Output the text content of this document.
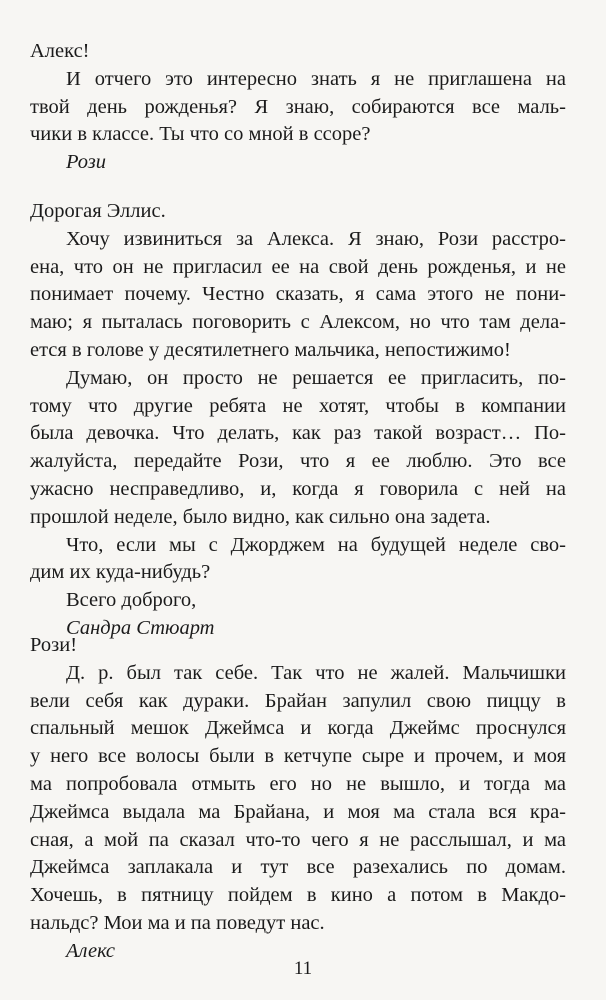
Алекс!
И отчего это интересно знать я не приглашена на
твой день рожденья? Я знаю, собираются все маль-
чики в классе. Ты что со мной в ссоре?
Рози
Дорогая Эллис.
Хочу извиниться за Алекса. Я знаю, Рози расстро-
ена, что он не пригласил ее на свой день рожденья, и не
понимает почему. Честно сказать, я сама этого не пони-
маю; я пыталась поговорить с Алексом, но что там дела-
ется в голове у десятилетнего мальчика, непостижимо!
Думаю, он просто не решается ее пригласить, по-
тому что другие ребята не хотят, чтобы в компании
была девочка. Что делать, как раз такой возраст… По-
жалуйста, передайте Рози, что я ее люблю. Это все
ужасно несправедливо, и, когда я говорила с ней на
прошлой неделе, было видно, как сильно она задета.
Что, если мы с Джорджем на будущей неделе сво-
дим их куда-нибудь?
Всего доброго,
Сандра Стюарт
Рози!
Д. р. был так себе. Так что не жалей. Мальчишки
вели себя как дураки. Брайан запулил свою пиццу в
спальный мешок Джеймса и когда Джеймс проснулся
у него все волосы были в кетчупе сыре и прочем, и моя
ма попробовала отмыть его но не вышло, и тогда ма
Джеймса выдала ма Брайана, и моя ма стала вся кра-
сная, а мой па сказал что-то чего я не расслышал, и ма
Джеймса заплакала и тут все разехались по домам.
Хочешь, в пятницу пойдем в кино а потом в Макдо-
нальдс? Мои ма и па поведут нас.
Алекс
11
